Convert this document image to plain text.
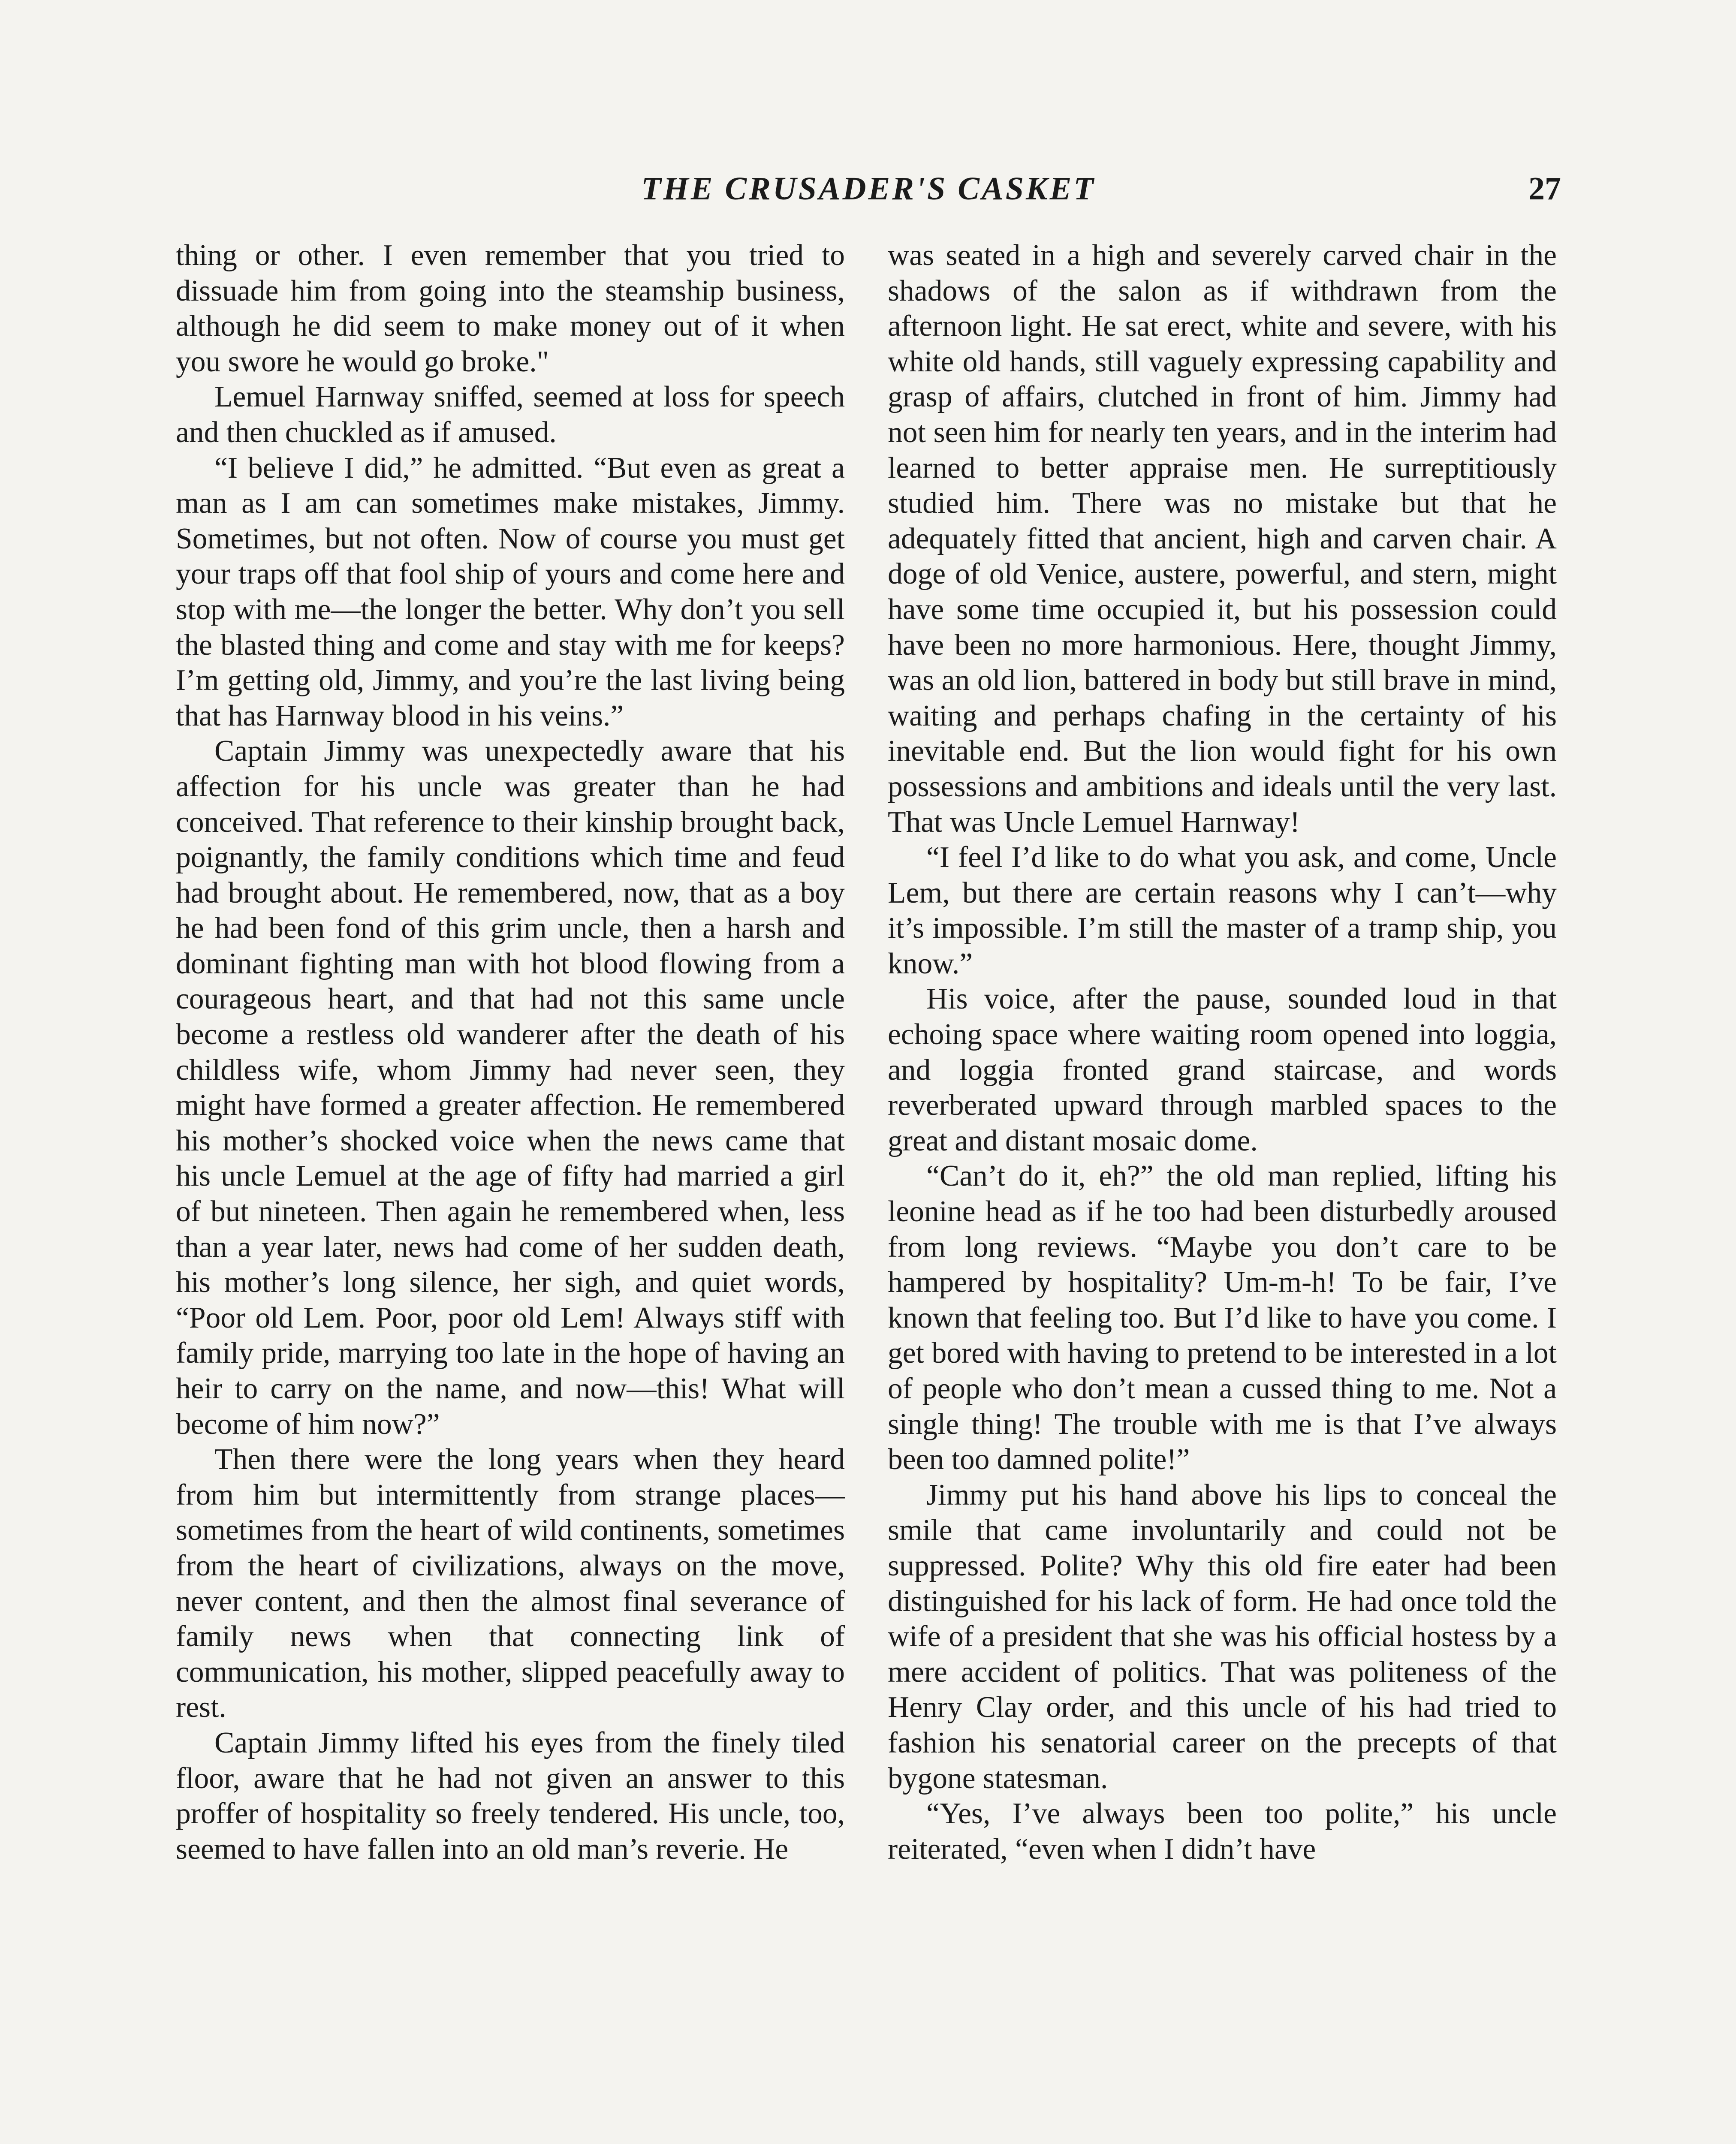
THE CRUSADER'S CASKET	27

thing or other. I even remember that you tried to dissuade him from going into the steamship business, although he did seem to make money out of it when you swore he would go broke."

Lemuel Harnway sniffed, seemed at loss for speech and then chuckled as if amused.

“I believe I did,” he admitted. “But even as great a man as I am can sometimes make mistakes, Jimmy. Sometimes, but not often. Now of course you must get your traps off that fool ship of yours and come here and stop with me—the longer the better. Why don’t you sell the blasted thing and come and stay with me for keeps? I’m getting old, Jimmy, and you’re the last living being that has Harnway blood in his veins.”

Captain Jimmy was unexpectedly aware that his affection for his uncle was greater than he had conceived. That reference to their kinship brought back, poignantly, the family conditions which time and feud had brought about. He remembered, now, that as a boy he had been fond of this grim uncle, then a harsh and dominant fighting man with hot blood flowing from a courageous heart, and that had not this same uncle become a restless old wanderer after the death of his childless wife, whom Jimmy had never seen, they might have formed a greater affection. He remembered his mother’s shocked voice when the news came that his uncle Lemuel at the age of fifty had married a girl of but nineteen. Then again he remembered when, less than a year later, news had come of her sudden death, his mother’s long silence, her sigh, and quiet words, “Poor old Lem. Poor, poor old Lem! Always stiff with family pride, marrying too late in the hope of having an heir to carry on the name, and now—this! What will become of him now?”

Then there were the long years when they heard from him but intermittently from strange places—sometimes from the heart of wild continents, sometimes from the heart of civilizations, always on the move, never content, and then the almost final severance of family news when that connecting link of communication, his mother, slipped peacefully away to rest.

Captain Jimmy lifted his eyes from the finely tiled floor, aware that he had not given an answer to this proffer of hospitality so freely tendered. His uncle, too, seemed to have fallen into an old man’s reverie. He

was seated in a high and severely carved chair in the shadows of the salon as if withdrawn from the afternoon light. He sat erect, white and severe, with his white old hands, still vaguely expressing capability and grasp of affairs, clutched in front of him. Jimmy had not seen him for nearly ten years, and in the interim had learned to better appraise men. He surreptitiously studied him. There was no mistake but that he adequately fitted that ancient, high and carven chair. A doge of old Venice, austere, powerful, and stern, might have some time occupied it, but his possession could have been no more harmonious. Here, thought Jimmy, was an old lion, battered in body but still brave in mind, waiting and perhaps chafing in the certainty of his inevitable end. But the lion would fight for his own possessions and ambitions and ideals until the very last. That was Uncle Lemuel Harnway!

“I feel I’d like to do what you ask, and come, Uncle Lem, but there are certain reasons why I can’t—why it’s impossible. I’m still the master of a tramp ship, you know.”

His voice, after the pause, sounded loud in that echoing space where waiting room opened into loggia, and loggia fronted grand staircase, and words reverberated upward through marbled spaces to the great and distant mosaic dome.

“Can’t do it, eh?” the old man replied, lifting his leonine head as if he too had been disturbedly aroused from long reviews. “Maybe you don’t care to be hampered by hospitality? Um-m-h! To be fair, I’ve known that feeling too. But I’d like to have you come. I get bored with having to pretend to be interested in a lot of people who don’t mean a cussed thing to me. Not a single thing! The trouble with me is that I’ve always been too damned polite!”

Jimmy put his hand above his lips to conceal the smile that came involuntarily and could not be suppressed. Polite? Why this old fire eater had been distinguished for his lack of form. He had once told the wife of a president that she was his official hostess by a mere accident of politics. That was politeness of the Henry Clay order, and this uncle of his had tried to fashion his senatorial career on the precepts of that bygone statesman.

“Yes, I’ve always been too polite,” his uncle reiterated, “even when I didn’t have
